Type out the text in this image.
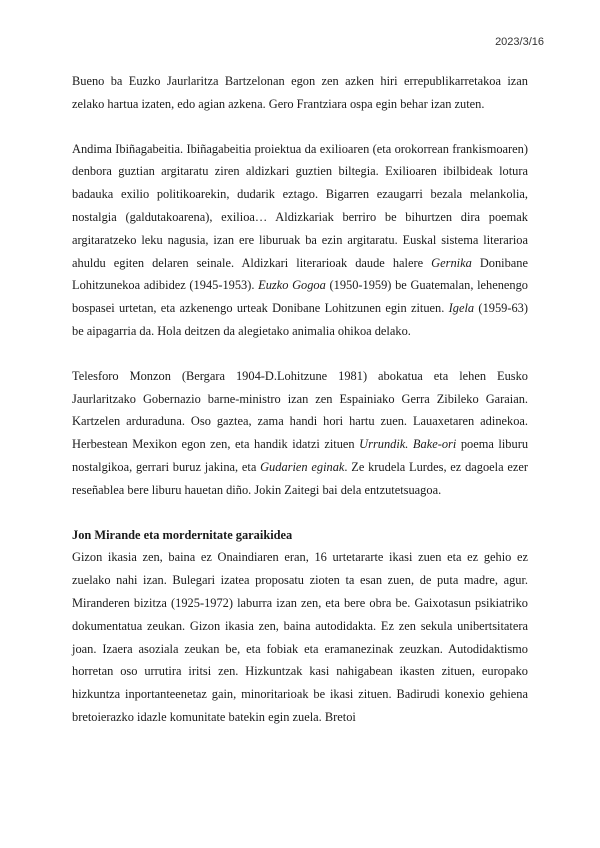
2023/3/16

Bueno ba Euzko Jaurlaritza Bartzelonan egon zen azken hiri errepublikarretakoa izan zelako hartua izaten, edo agian azkena. Gero Frantziara ospa egin behar izan zuten.

Andima Ibiñagabeitia. Ibiñagabeitia proiektua da exilioaren (eta orokorrean frankismoaren) denbora guztian argitaratu ziren aldizkari guztien biltegia. Exilioaren ibilbideak lotura badauka exilio politikoarekin, dudarik eztago. Bigarren ezaugarri bezala melankolia, nostalgia (galdutakoarena), exilioa… Aldizkariak berriro be bihurtzen dira poemak argitaratzeko leku nagusia, izan ere liburuak ba ezin argitaratu. Euskal sistema literarioa ahuldu egiten delaren seinale. Aldizkari literarioak daude halere Gernika Donibane Lohitzunekoa adibidez (1945-1953). Euzko Gogoa (1950-1959) be Guatemalan, lehenengo bospasei urtetan, eta azkenengo urteak Donibane Lohitzunen egin zituen. Igela (1959-63) be aipagarria da. Hola deitzen da alegietako animalia ohikoa delako.

Telesforo Monzon (Bergara 1904-D.Lohitzune 1981) abokatua eta lehen Eusko Jaurlaritzako Gobernazio barne-ministro izan zen Espainiako Gerra Zibileko Garaian. Kartzelen arduraduna. Oso gaztea, zama handi hori hartu zuen. Lauaxetaren adinekoa. Herbestean Mexikon egon zen, eta handik idatzi zituen Urrundik. Bake-ori poema liburu nostalgikoa, gerrari buruz jakina, eta Gudarien eginak. Ze krudela Lurdes, ez dagoela ezer reseñablea bere liburu hauetan diño. Jokin Zaitegi bai dela entzutetsuagoa.

Jon Mirande eta mordernitate garaikidea

Gizon ikasia zen, baina ez Onaindiaren eran, 16 urtetararte ikasi zuen eta ez gehio ez zuelako nahi izan. Bulegari izatea proposatu zioten ta esan zuen, de puta madre, agur. Miranderen bizitza (1925-1972) laburra izan zen, eta bere obra be. Gaixotasun psikiatriko dokumentatua zeukan. Gizon ikasia zen, baina autodidakta. Ez zen sekula unibertsitatera joan. Izaera asoziala zeukan be, eta fobiak eta eramanezinak zeuzkan. Autodidaktismo horretan oso urrutira iritsi zen. Hizkuntzak kasi nahigabean ikasten zituen, europako hizkuntza inportanteenetaz gain, minoritarioak be ikasi zituen. Badirudi konexio gehiena bretoierazko idazle komunitate batekin egin zuela. Bretoi
